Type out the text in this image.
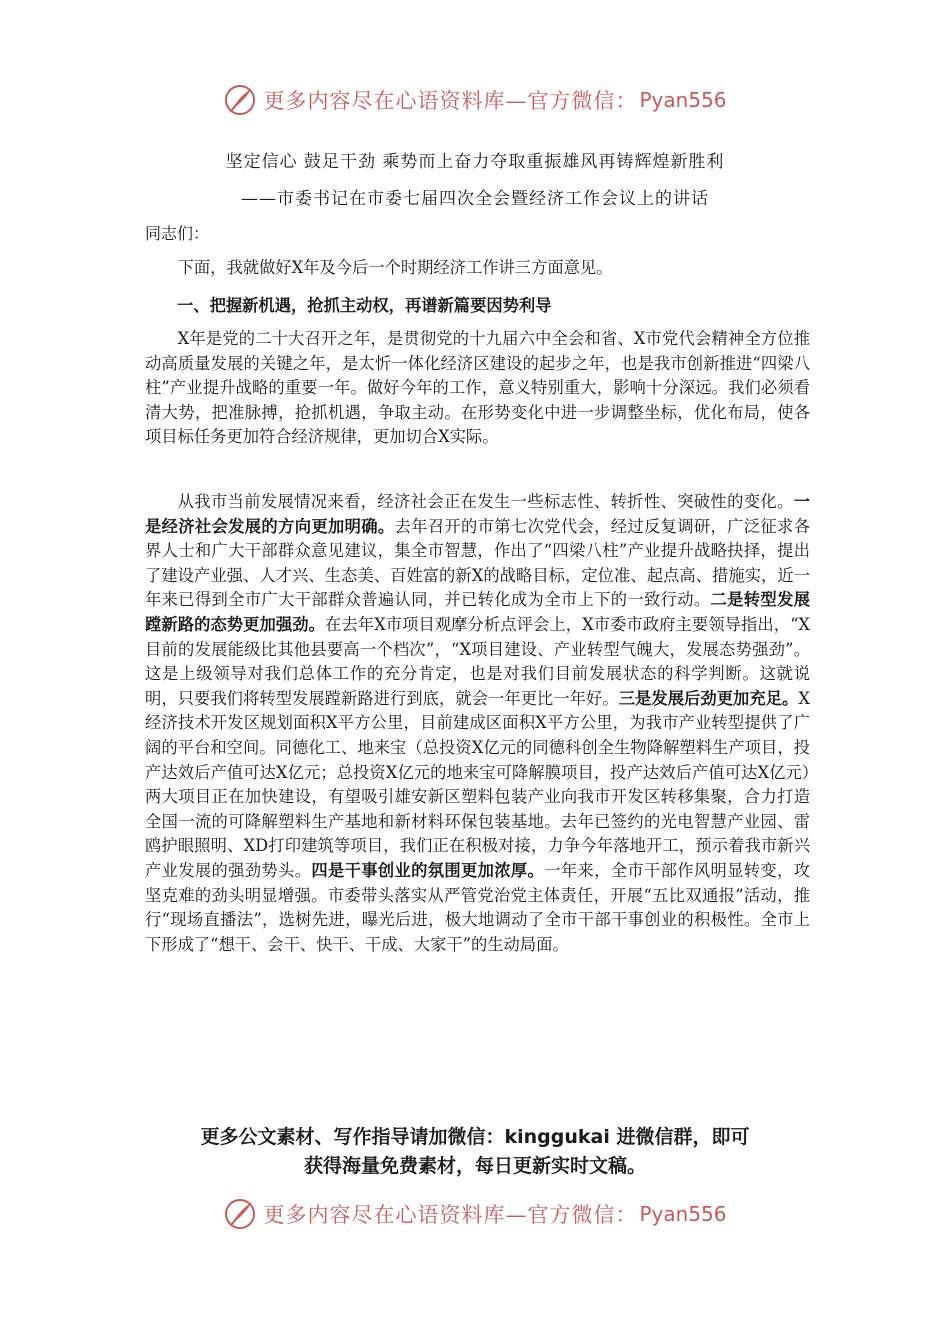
更多内容尽在心语资料库—官方微信： Pyan556
坚定信心 鼓足干劲 乘势而上奋力夺取重振雄风再铸辉煌新胜利
——市委书记在市委七届四次全会暨经济工作会议上的讲话
同志们：

下面，我就做好X年及今后一个时期经济工作讲三方面意见。

一、把握新机遇，抢抓主动权，再谱新篇要因势利导

X年是党的二十大召开之年，是贯彻党的十九届六中全会和省、X市党代会精神全方位推动高质量发展的关键之年，是太忻一体化经济区建设的起步之年，也是我市创新推进“四梁八柱”产业提升战略的重要一年。做好今年的工作，意义特别重大，影响十分深远。我们必须看清大势，把准脉搏，抢抓机遇，争取主动。在形势变化中进一步调整坐标，优化布局，使各项目标任务更加符合经济规律，更加切合X实际。

从我市当前发展情况来看，经济社会正在发生一些标志性、转折性、突破性的变化。一是经济社会发展的方向更加明确。去年召开的市第七次党代会，经过反复调研，广泛征求各界人士和广大干部群众意见建议，集全市智慧，作出了“四梁八柱”产业提升战略抉择，提出了建设产业强、人才兴、生态美、百姓富的新X的战略目标，定位准、起点高、措施实，近一年来已得到全市广大干部群众普遍认同，并已转化成为全市上下的一致行动。二是转型发展蹚新路的态势更加强劲。在去年X市项目观摩分析点评会上，X市委市政府主要领导指出，“X目前的发展能级比其他县要高一个档次”，“X项目建设、产业转型气魄大，发展态势强劲”。这是上级领导对我们总体工作的充分肯定，也是对我们目前发展状态的科学判断。这就说明，只要我们将转型发展蹚新路进行到底，就会一年更比一年好。三是发展后劲更加充足。X经济技术开发区规划面积X平方公里，目前建成区面积X平方公里，为我市产业转型提供了广阔的平台和空间。同德化工、地来宝（总投资X亿元的同德科创全生物降解塑料生产项目，投产达效后产值可达X亿元；总投资X亿元的地来宝可降解膜项目，投产达效后产值可达X亿元）两大项目正在加快建设，有望吸引雄安新区塑料包装产业向我市开发区转移集聚，合力打造全国一流的可降解塑料生产基地和新材料环保包装基地。去年已签约的光电智慧产业园、雷鸥护眼照明、XD打印建筑等项目，我们正在积极对接，力争今年落地开工，预示着我市新兴产业发展的强劲势头。四是干事创业的氛围更加浓厚。一年来，全市干部作风明显转变，攻坚克难的劲头明显增强。市委带头落实从严管党治党主体责任，开展“五比双通报”活动，推行“现场直播法”，选树先进，曝光后进，极大地调动了全市干部干事创业的积极性。全市上下形成了“想干、会干、快干、干成、大家干”的生动局面。

更多公文素材、写作指导请加微信：kinggukai 进微信群，即可
获得海量免费素材，每日更新实时文稿。
更多内容尽在心语资料库—官方微信： Pyan556
